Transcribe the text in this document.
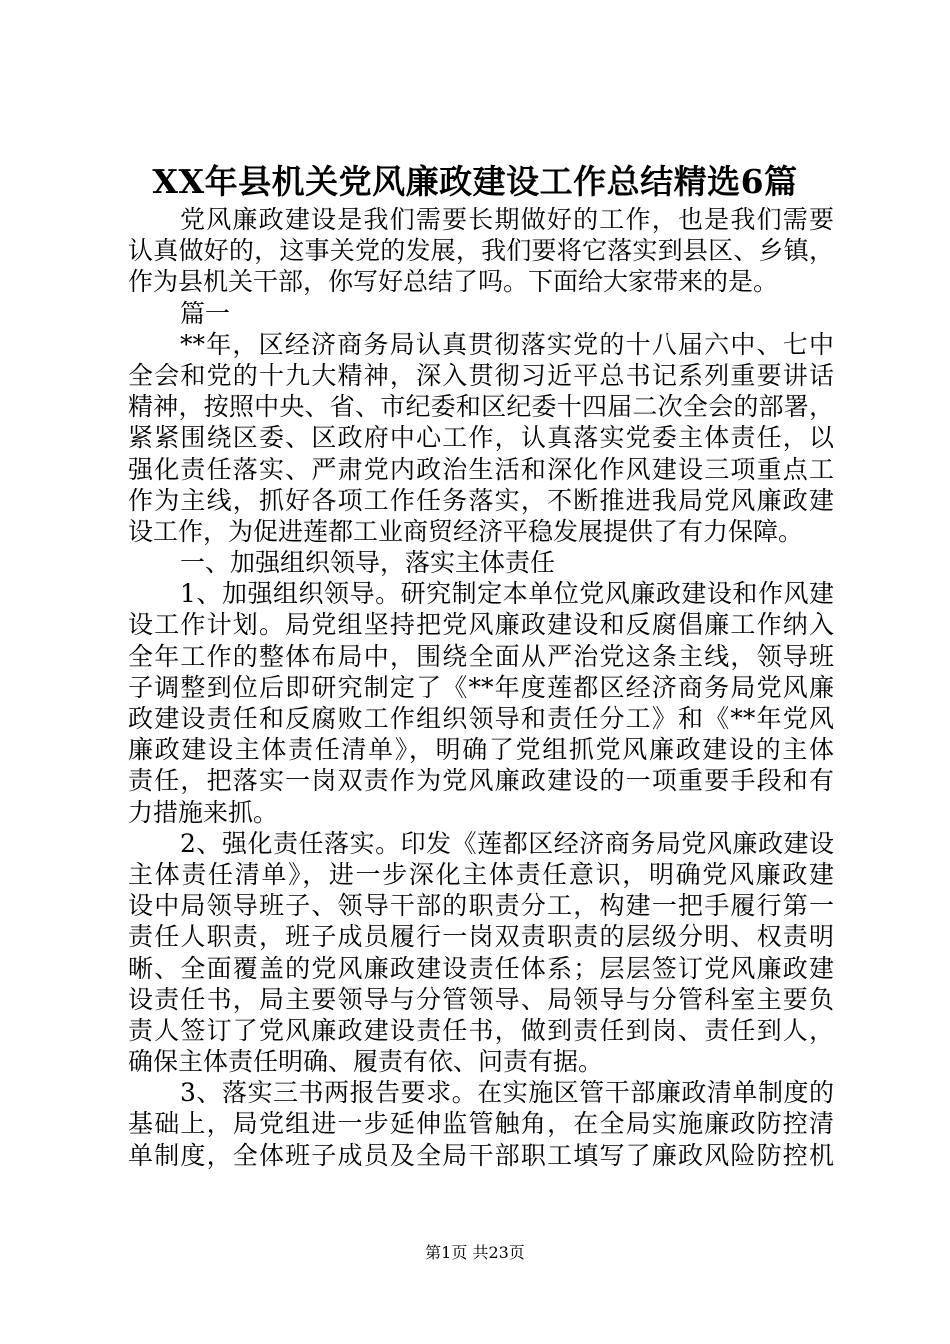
XX年县机关党风廉政建设工作总结精选6篇
党风廉政建设是我们需要长期做好的工作，也是我们需要
认真做好的，这事关党的发展，我们要将它落实到县区、乡镇，
作为县机关干部，你写好总结了吗。下面给大家带来的是。
篇一
**年，区经济商务局认真贯彻落实党的十八届六中、七中
全会和党的十九大精神，深入贯彻习近平总书记系列重要讲话
精神，按照中央、省、市纪委和区纪委十四届二次全会的部署，
紧紧围绕区委、区政府中心工作，认真落实党委主体责任，以
强化责任落实、严肃党内政治生活和深化作风建设三项重点工
作为主线，抓好各项工作任务落实，不断推进我局党风廉政建
设工作，为促进莲都工业商贸经济平稳发展提供了有力保障。
一、加强组织领导，落实主体责任
1、加强组织领导。研究制定本单位党风廉政建设和作风建
设工作计划。局党组坚持把党风廉政建设和反腐倡廉工作纳入
全年工作的整体布局中，围绕全面从严治党这条主线，领导班
子调整到位后即研究制定了《**年度莲都区经济商务局党风廉
政建设责任和反腐败工作组织领导和责任分工》和《**年党风
廉政建设主体责任清单》，明确了党组抓党风廉政建设的主体
责任，把落实一岗双责作为党风廉政建设的一项重要手段和有
力措施来抓。
2、强化责任落实。印发《莲都区经济商务局党风廉政建设
主体责任清单》，进一步深化主体责任意识，明确党风廉政建
设中局领导班子、领导干部的职责分工，构建一把手履行第一
责任人职责，班子成员履行一岗双责职责的层级分明、权责明
晰、全面覆盖的党风廉政建设责任体系；层层签订党风廉政建
设责任书，局主要领导与分管领导、局领导与分管科室主要负
责人签订了党风廉政建设责任书，做到责任到岗、责任到人，
确保主体责任明确、履责有依、问责有据。
3、落实三书两报告要求。在实施区管干部廉政清单制度的
基础上，局党组进一步延伸监管触角，在全局实施廉政防控清
单制度，全体班子成员及全局干部职工填写了廉政风险防控机
第1页 共23页
